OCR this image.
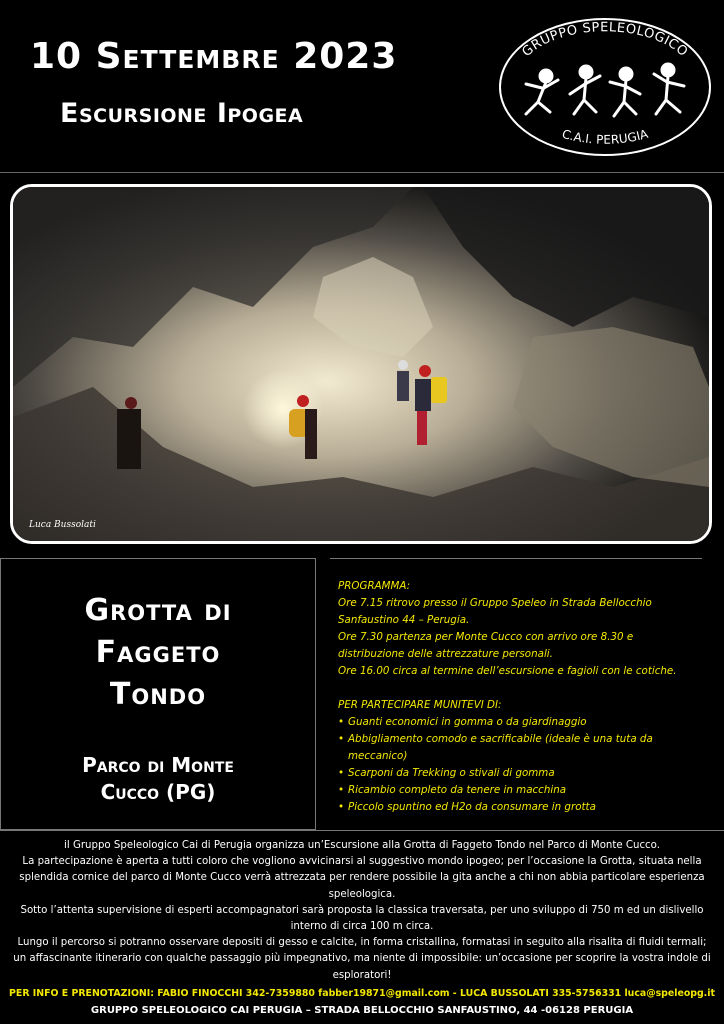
10 Settembre 2023
Escursione Ipogea
GRUPPO SPELEOLOGICO
C.A.I. PERUGIA
Luca Bussolati
Grotta di
Faggeto
Tondo
Parco di Monte
Cucco (PG)
PROGRAMMA:
Ore 7.15 ritrovo presso il Gruppo Speleo in Strada Bellocchio
Sanfaustino 44 – Perugia.
Ore 7.30 partenza per Monte Cucco con arrivo ore 8.30 e
distribuzione delle attrezzature personali.
Ore 16.00 circa al termine dell’escursione e fagioli con le cotiche.
PER PARTECIPARE MUNITEVI DI:
• Guanti economici in gomma o da giardinaggio
• Abbigliamento comodo e sacrificabile (ideale è una tuta da meccanico)
• Scarponi da Trekking o stivali di gomma
• Ricambio completo da tenere in macchina
• Piccolo spuntino ed H2o da consumare in grotta

il Gruppo Speleologico Cai di Perugia organizza un’Escursione alla Grotta di Faggeto Tondo nel Parco di Monte Cucco.

La partecipazione è aperta a tutti coloro che vogliono avvicinarsi al suggestivo mondo ipogeo; per l’occasione la Grotta, situata nella splendida cornice del parco di Monte Cucco verrà attrezzata per rendere possibile la gita anche a chi non abbia particolare esperienza speleologica.

Sotto l’attenta supervisione di esperti accompagnatori sarà proposta la classica traversata, per uno sviluppo di 750 m ed un dislivello interno di circa 100 m circa.

Lungo il percorso si potranno osservare depositi di gesso e calcite, in forma cristallina, formatasi in seguito alla risalita di fluidi termali; un affascinante itinerario con qualche passaggio più impegnativo, ma niente di impossibile: un’occasione per scoprire la vostra indole di esploratori!

PER INFO E PRENOTAZIONI: FABIO FINOCCHI 342-7359880 fabber19871@gmail.com - LUCA BUSSOLATI 335-5756331 luca@speleopg.it
GRUPPO SPELEOLOGICO CAI PERUGIA – STRADA BELLOCCHIO SANFAUSTINO, 44 -06128 PERUGIA
